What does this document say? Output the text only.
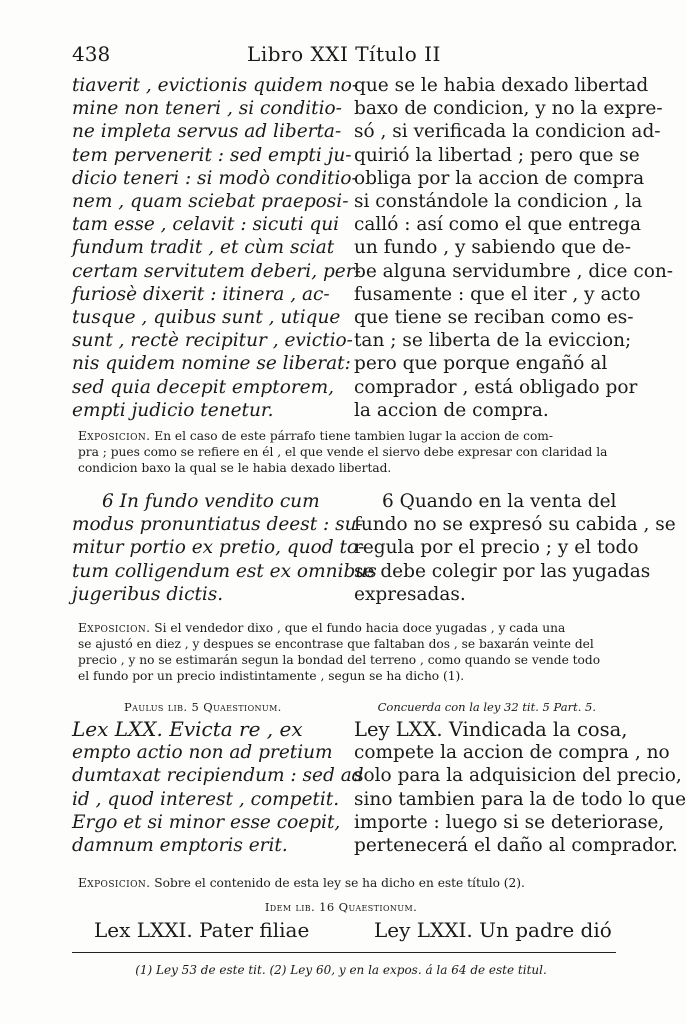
438	Libro XXI Título II
tiaverit , evictionis quidem no-
mine non teneri , si conditio-
ne impleta servus ad liberta-
tem pervenerit : sed empti ju-
dicio teneri : si modò conditio-
nem , quam sciebat praeposi-
tam esse , celavit : sicuti qui
fundum tradit , et cùm sciat
certam servitutem deberi, per-
furiosè dixerit : itinera , ac-
tusque , quibus sunt , utique
sunt , rectè recipitur , evictio-
nis quidem nomine se liberat:
sed quia decepit emptorem,
empti judicio tenetur.
que se le habia dexado libertad
baxo de condicion, y no la expre-
só , si verificada la condicion ad-
quirió la libertad ; pero que se
obliga por la accion de compra
si constándole la condicion , la
calló : así como el que entrega
un fundo , y sabiendo que de-
be alguna servidumbre , dice con-
fusamente : que el iter , y acto
que tiene se reciban como es-
tan ; se liberta de la eviccion;
pero que porque engañó al
comprador , está obligado por
la accion de compra.
Exposicion. En el caso de este párrafo tiene tambien lugar la accion de com-
pra ; pues como se refiere en él , el que vende el siervo debe expresar con claridad la
condicion baxo la qual se le habia dexado libertad.
6 In fundo vendito cum
modus pronuntiatus deest : su-
mitur portio ex pretio, quod to-
tum colligendum est ex omnibus
jugeribus dictis.
6 Quando en la venta del
fundo no se expresó su cabida , se
regula por el precio ; y el todo
se debe colegir por las yugadas
expresadas.
Exposicion. Si el vendedor dixo , que el fundo hacia doce yugadas , y cada una
se ajustó en diez , y despues se encontrase que faltaban dos , se baxarán veinte del
precio , y no se estimarán segun la bondad del terreno , como quando se vende todo
el fundo por un precio indistintamente , segun se ha dicho (1).
Paulus lib. 5 Quaestionum.	Concuerda con la ley 32 tit. 5 Part. 5.
Lex LXX. Evicta re , ex
empto actio non ad pretium
dumtaxat recipiendum : sed ad
id , quod interest , competit.
Ergo et si minor esse coepit,
damnum emptoris erit.
Ley LXX. Vindicada la cosa,
compete la accion de compra , no
solo para la adquisicion del precio,
sino tambien para la de todo lo que
importe : luego si se deteriorase,
pertenecerá el daño al comprador.
Exposicion. Sobre el contenido de esta ley se ha dicho en este título (2).
Idem lib. 16 Quaestionum.
Lex LXXI. Pater filiae	Ley LXXI. Un padre dió
(1) Ley 53 de este tit. (2) Ley 60, y en la expos. á la 64 de este titul.
